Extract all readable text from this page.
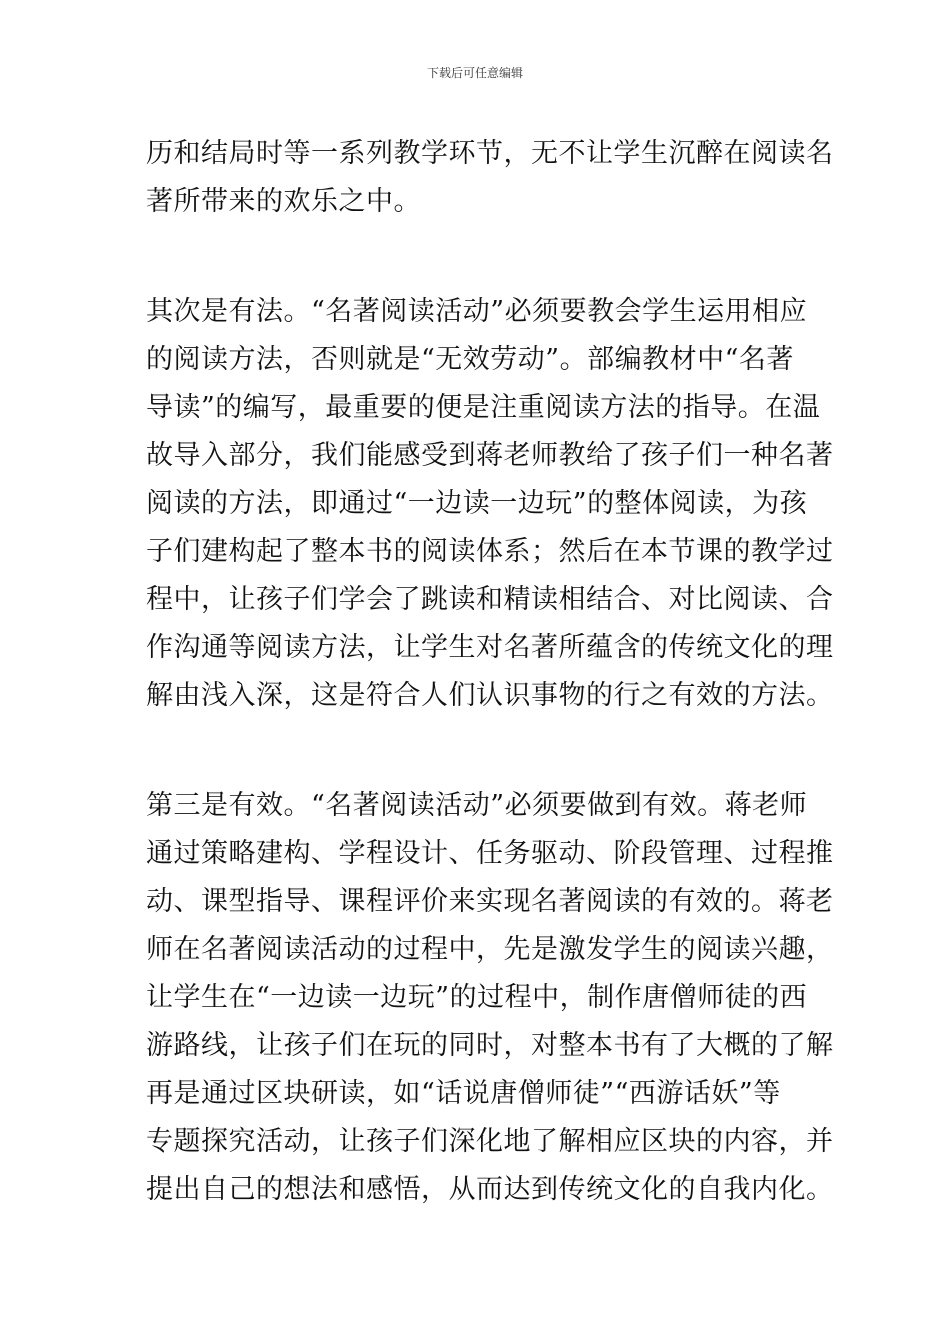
下载后可任意编辑
历和结局时等一系列教学环节，无不让学生沉醉在阅读名
著所带来的欢乐之中。
其次是有法。“名著阅读活动”必须要教会学生运用相应
的阅读方法，否则就是“无效劳动”。部编教材中“名著
导读”的编写，最重要的便是注重阅读方法的指导。在温
故导入部分，我们能感受到蒋老师教给了孩子们一种名著
阅读的方法，即通过“一边读一边玩”的整体阅读，为孩
子们建构起了整本书的阅读体系；然后在本节课的教学过
程中，让孩子们学会了跳读和精读相结合、对比阅读、合
作沟通等阅读方法，让学生对名著所蕴含的传统文化的理
解由浅入深，这是符合人们认识事物的行之有效的方法。
第三是有效。“名著阅读活动”必须要做到有效。蒋老师
通过策略建构、学程设计、任务驱动、阶段管理、过程推
动、课型指导、课程评价来实现名著阅读的有效的。蒋老
师在名著阅读活动的过程中，先是激发学生的阅读兴趣，
让学生在“一边读一边玩”的过程中，制作唐僧师徒的西
游路线，让孩子们在玩的同时，对整本书有了大概的了解
再是通过区块研读，如“话说唐僧师徒”“西游话妖”等
专题探究活动，让孩子们深化地了解相应区块的内容，并
提出自己的想法和感悟，从而达到传统文化的自我内化。
